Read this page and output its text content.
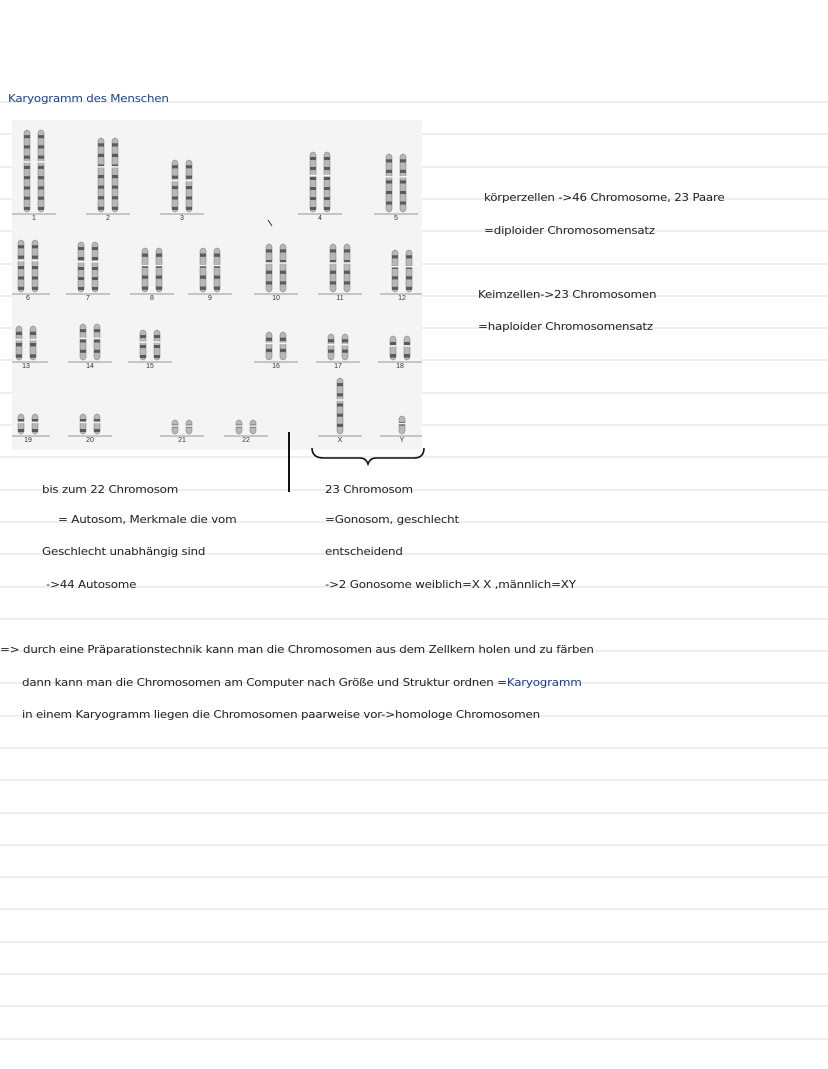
Karyogramm des Menschen
1	2	3	4	5
6	7	8	9	10	11	12
13	14	15	16	17	18
19	20	21	22	X	Y
körperzellen ->46 Chromosome, 23 Paare
=diploider Chromosomensatz
Keimzellen->23 Chromosomen
=haploider Chromosomensatz
bis zum 22 Chromosom
= Autosom, Merkmale die vom
Geschlecht unabhängig sind
->44 Autosome
23 Chromosom
=Gonosom, geschlecht
entscheidend
->2 Gonosome weiblich=X X ,männlich=XY
=> durch eine Präparationstechnik kann man die Chromosomen aus dem Zellkern holen und zu färben
dann kann man die Chromosomen am Computer nach Größe und Struktur ordnen =Karyogramm
in einem Karyogramm liegen die Chromosomen paarweise vor->homologe Chromosomen
